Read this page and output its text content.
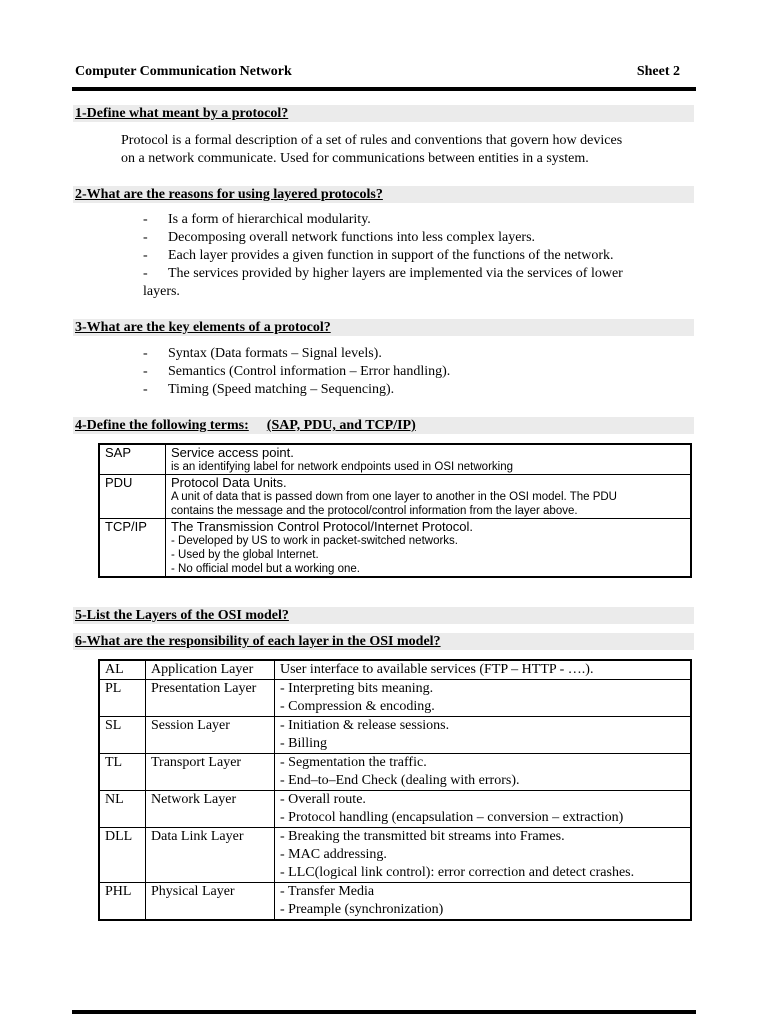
Computer Communication Network	Sheet 2
1-Define what meant by a protocol?
Protocol is a formal description of a set of rules and conventions that govern how devices
on a network communicate. Used for communications between entities in a system.
2-What are the reasons for using layered protocols?
-	Is a form of hierarchical modularity.
-	Decomposing overall network functions into less complex layers.
-	Each layer provides a given function in support of the functions of the network.
-	The services provided by higher layers are implemented via the services of lower
layers.
3-What are the key elements of a protocol?
-	Syntax (Data formats – Signal levels).
-	Semantics (Control information – Error handling).
-	Timing (Speed matching – Sequencing).
4-Define the following terms: (SAP, PDU, and TCP/IP)
SAP	Service access point.
is an identifying label for network endpoints used in OSI networking

PDU	Protocol Data Units.
A unit of data that is passed down from one layer to another in the OSI model. The PDU
contains the message and the protocol/control information from the layer above.

TCP/IP	The Transmission Control Protocol/Internet Protocol.
- Developed by US to work in packet-switched networks.
- Used by the global Internet.
- No official model but a working one.
5-List the Layers of the OSI model?
6-What are the responsibility of each layer in the OSI model?
AL	Application Layer	User interface to available services (FTP – HTTP - ….).

PL	Presentation Layer	- Interpreting bits meaning.
- Compression & encoding.

SL	Session Layer	- Initiation & release sessions.
- Billing

TL	Transport Layer	- Segmentation the traffic.
- End–to–End Check (dealing with errors).

NL	Network Layer	- Overall route.
- Protocol handling (encapsulation – conversion – extraction)

DLL	Data Link Layer	- Breaking the transmitted bit streams into Frames.
- MAC addressing.
- LLC(logical link control): error correction and detect crashes.

PHL	Physical Layer	- Transfer Media
- Preample (synchronization)
